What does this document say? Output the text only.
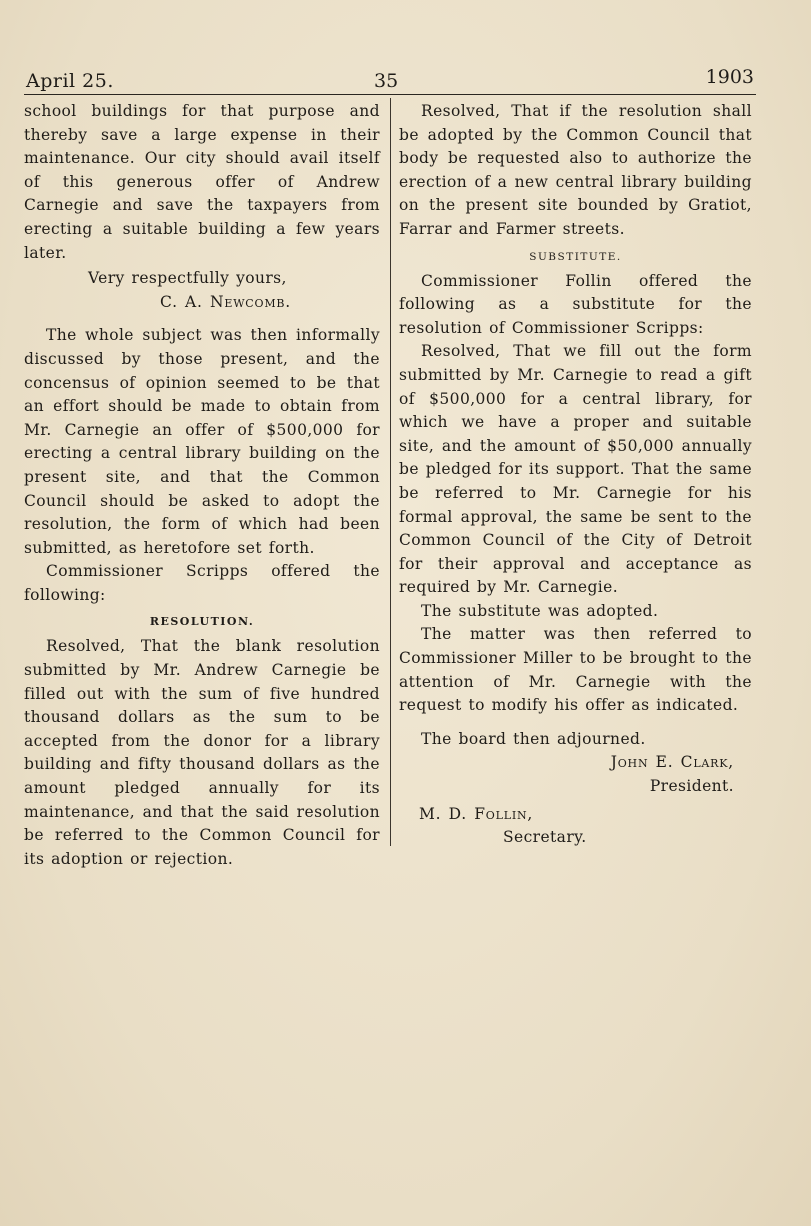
April 25.	35	1903

school buildings for that purpose and thereby save a large expense in their maintenance. Our city should avail itself of this generous offer of Andrew Carnegie and save the taxpayers from erecting a suitable building a few years later.

Very respectfully yours,

C. A. Newcomb.

The whole subject was then informally discussed by those present, and the concensus of opinion seemed to be that an effort should be made to obtain from Mr. Carnegie an offer of $500,000 for erecting a central library building on the present site, and that the Common Council should be asked to adopt the resolution, the form of which had been submitted, as heretofore set forth.

Commissioner Scripps offered the following:

RESOLUTION.

Resolved, That the blank resolution submitted by Mr. Andrew Carnegie be filled out with the sum of five hundred thousand dollars as the sum to be accepted from the donor for a library building and fifty thousand dollars as the amount pledged annually for its maintenance, and that the said resolution be referred to the Common Council for its adoption or rejection.

Resolved, That if the resolution shall be adopted by the Common Council that body be requested also to authorize the erection of a new central library building on the present site bounded by Gratiot, Farrar and Farmer streets.

SUBSTITUTE.

Commissioner Follin offered the following as a substitute for the resolution of Commissioner Scripps:

Resolved, That we fill out the form submitted by Mr. Carnegie to read a gift of $500,000 for a central library, for which we have a proper and suitable site, and the amount of $50,000 annually be pledged for its support. That the same be referred to Mr. Carnegie for his formal approval, the same be sent to the Common Council of the City of Detroit for their approval and acceptance as required by Mr. Carnegie.

The substitute was adopted.

The matter was then referred to Commissioner Miller to be brought to the attention of Mr. Carnegie with the request to modify his offer as indicated.

The board then adjourned.

John E. Clark,

President.

M. D. Follin,

Secretary.
